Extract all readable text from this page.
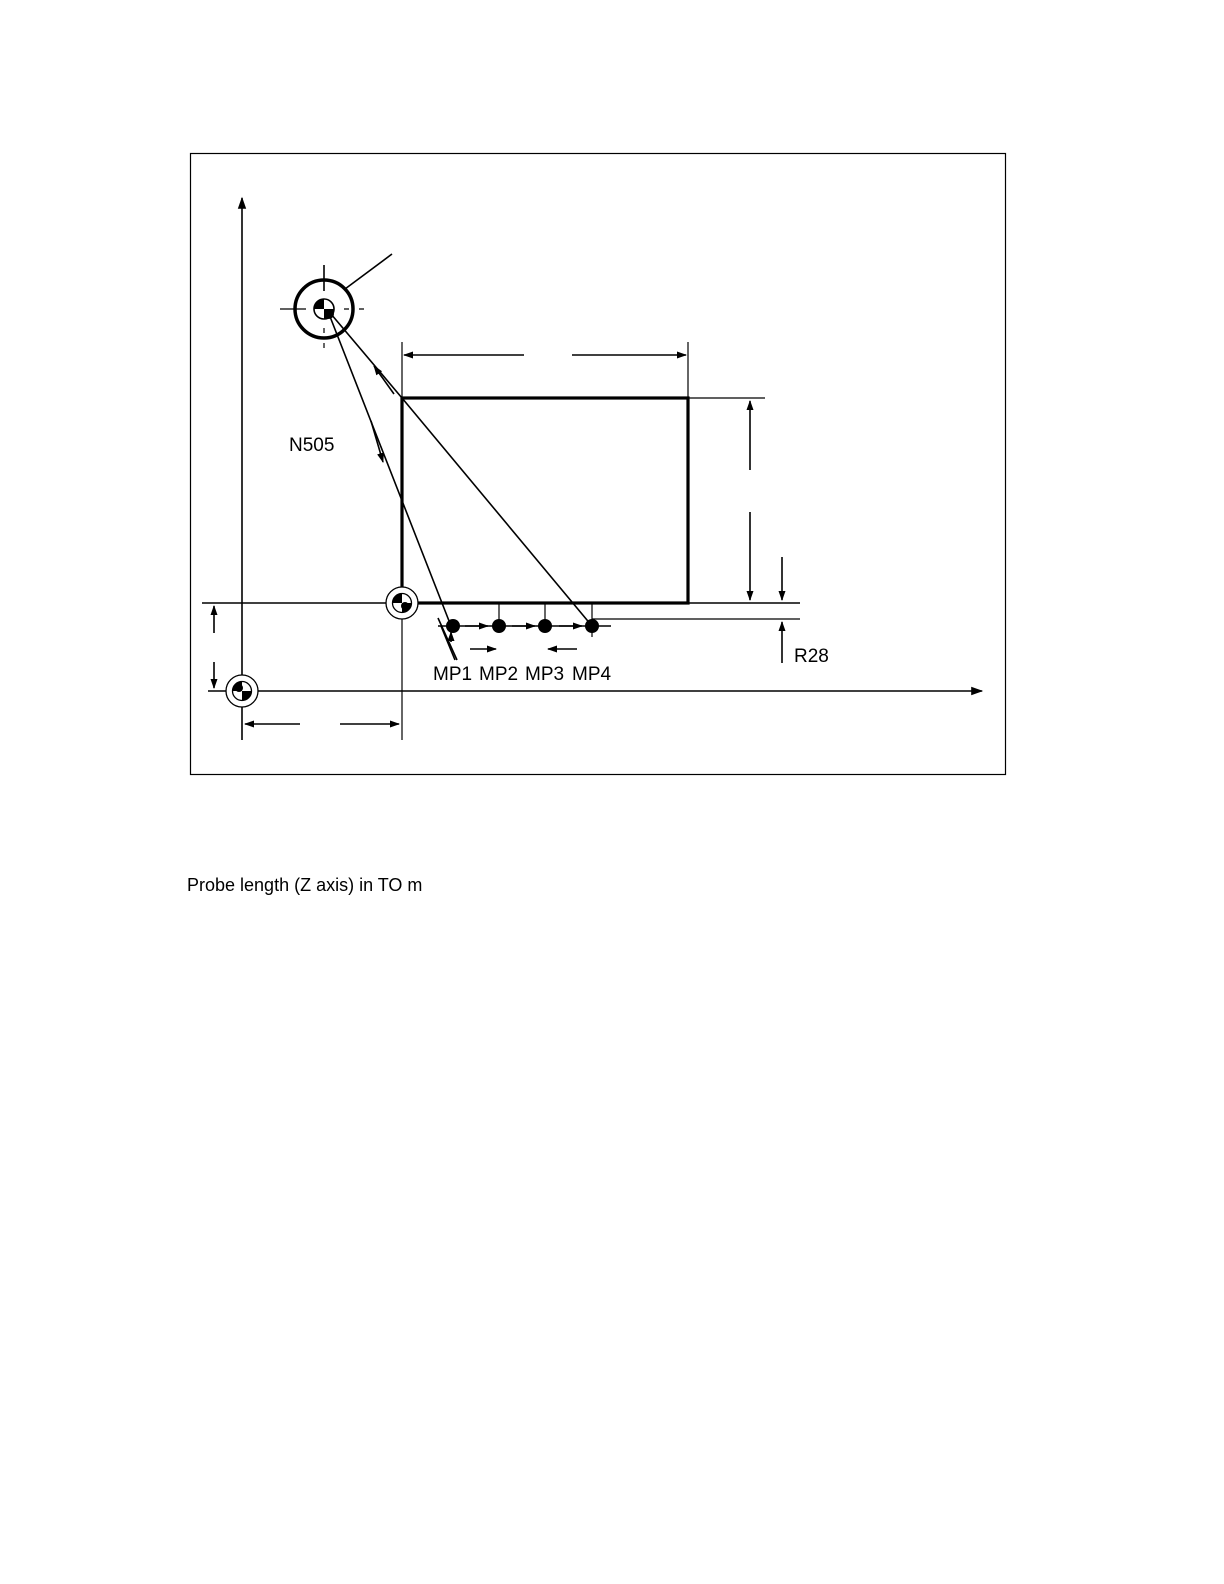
N505
R28
MP1 MP2 MP3 MP4
Probe length (Z axis) in TO m
